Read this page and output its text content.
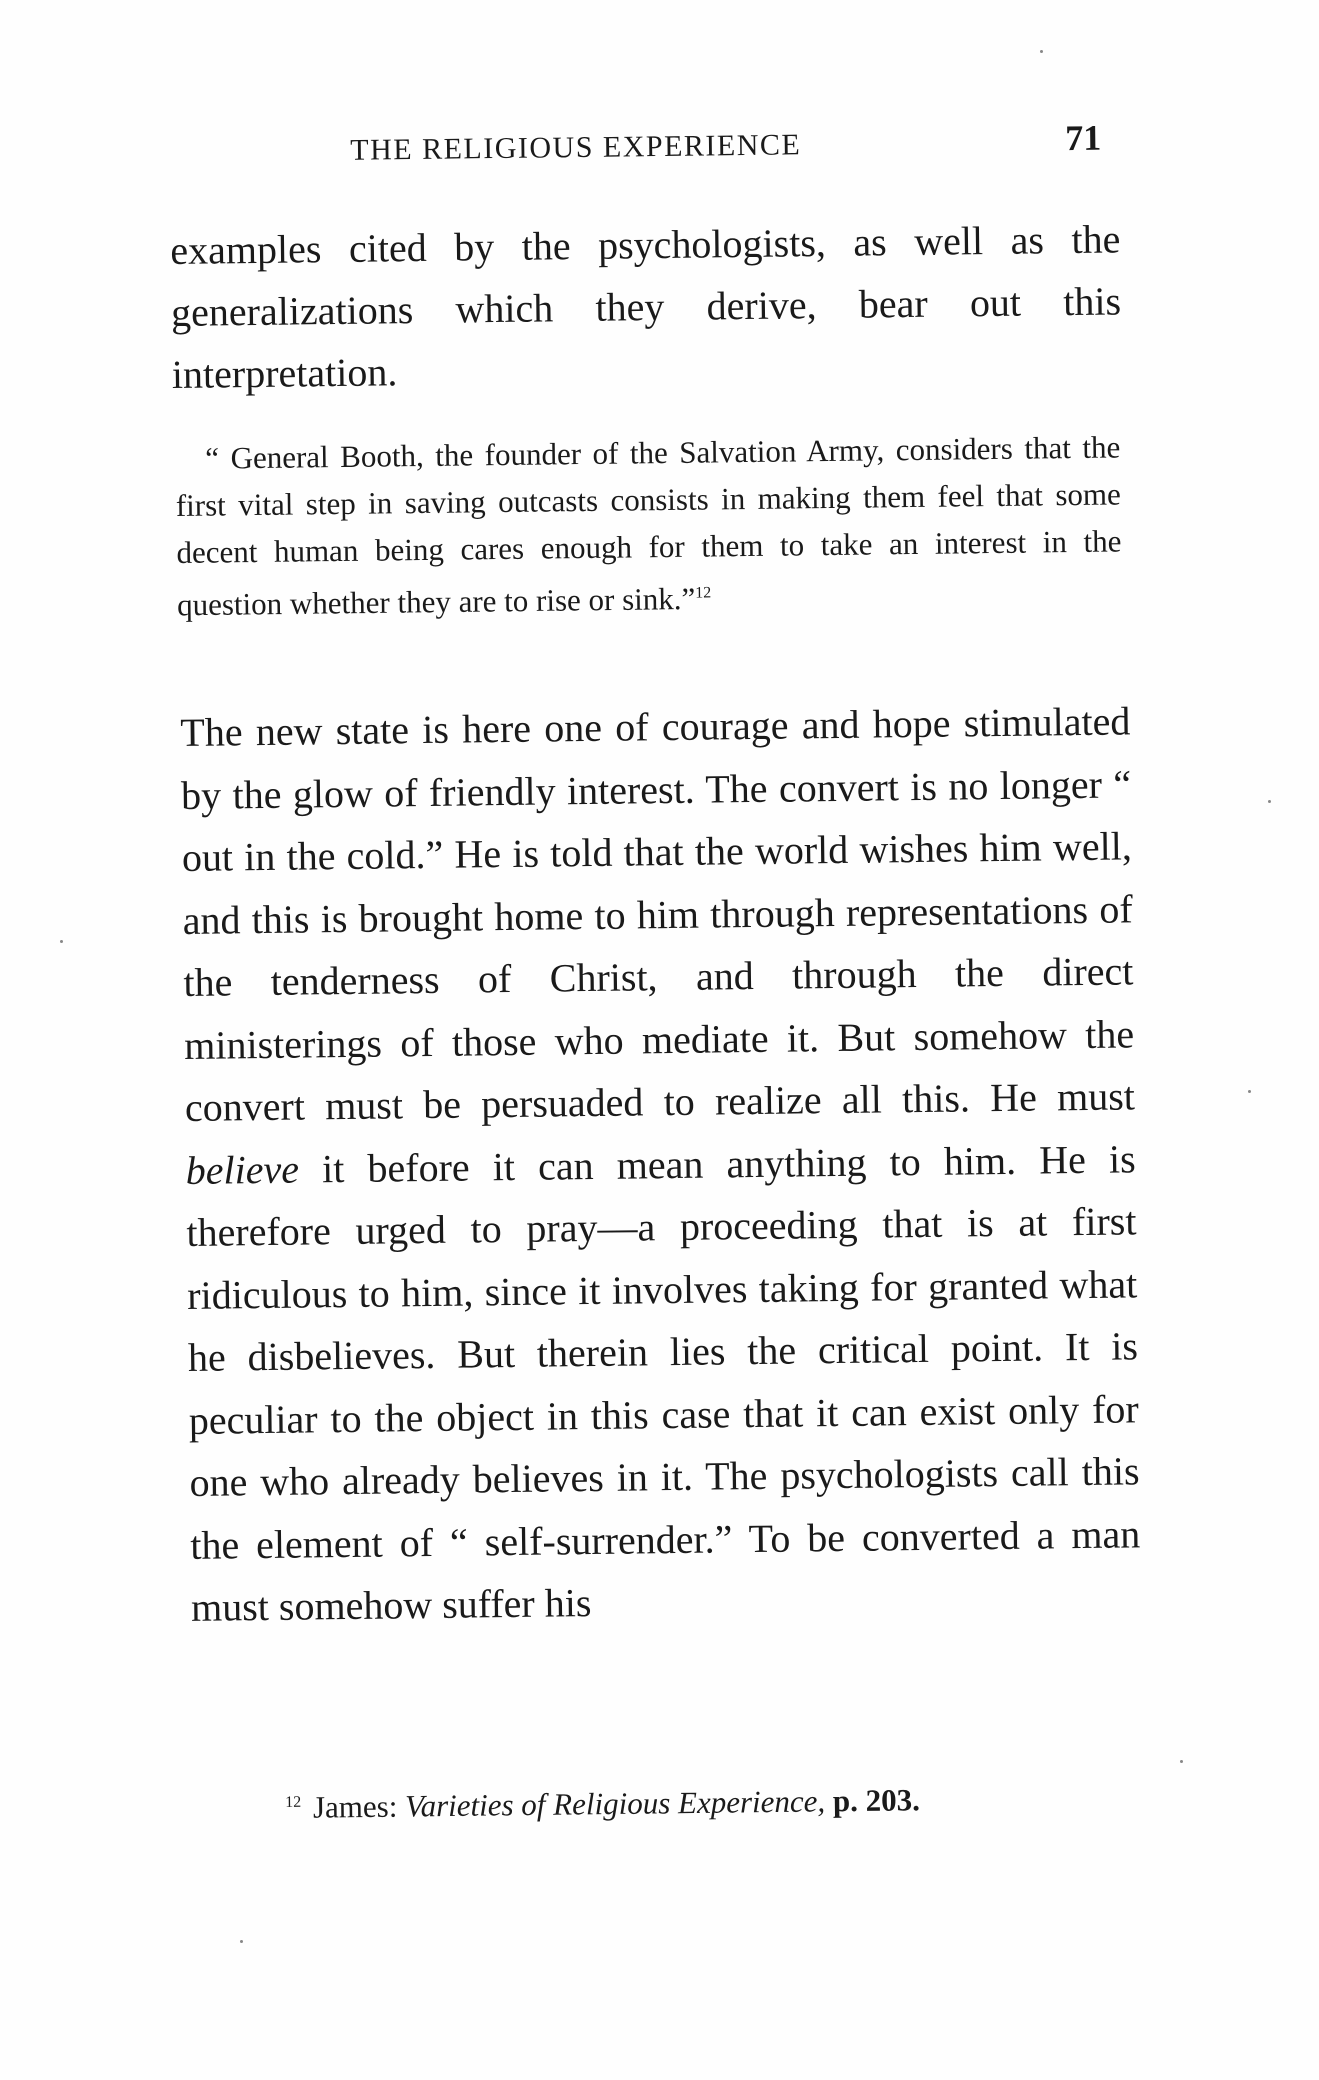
THE RELIGIOUS EXPERIENCE	71

examples cited by the psychologists, as well as the generalizations which they derive, bear out this interpretation.

“ General Booth, the founder of the Salvation Army, considers that the first vital step in saving outcasts consists in making them feel that some decent human being cares enough for them to take an interest in the question whether they are to rise or sink.”$^{12}$

The new state is here one of courage and hope stimulated by the glow of friendly interest. The convert is no longer “ out in the cold.” He is told that the world wishes him well, and this is brought home to him through representations of the tenderness of Christ, and through the direct ministerings of those who mediate it. But somehow the convert must be persuaded to realize all this. He must believe it before it can mean anything to him. He is therefore urged to pray—a proceeding that is at first ridiculous to him, since it involves taking for granted what he disbelieves. But therein lies the critical point. It is peculiar to the object in this case that it can exist only for one who already believes in it. The psychologists call this the element of “ self-surrender.” To be converted a man must somehow suffer his

$^{12}$ James: Varieties of Religious Experience, p. 203.
